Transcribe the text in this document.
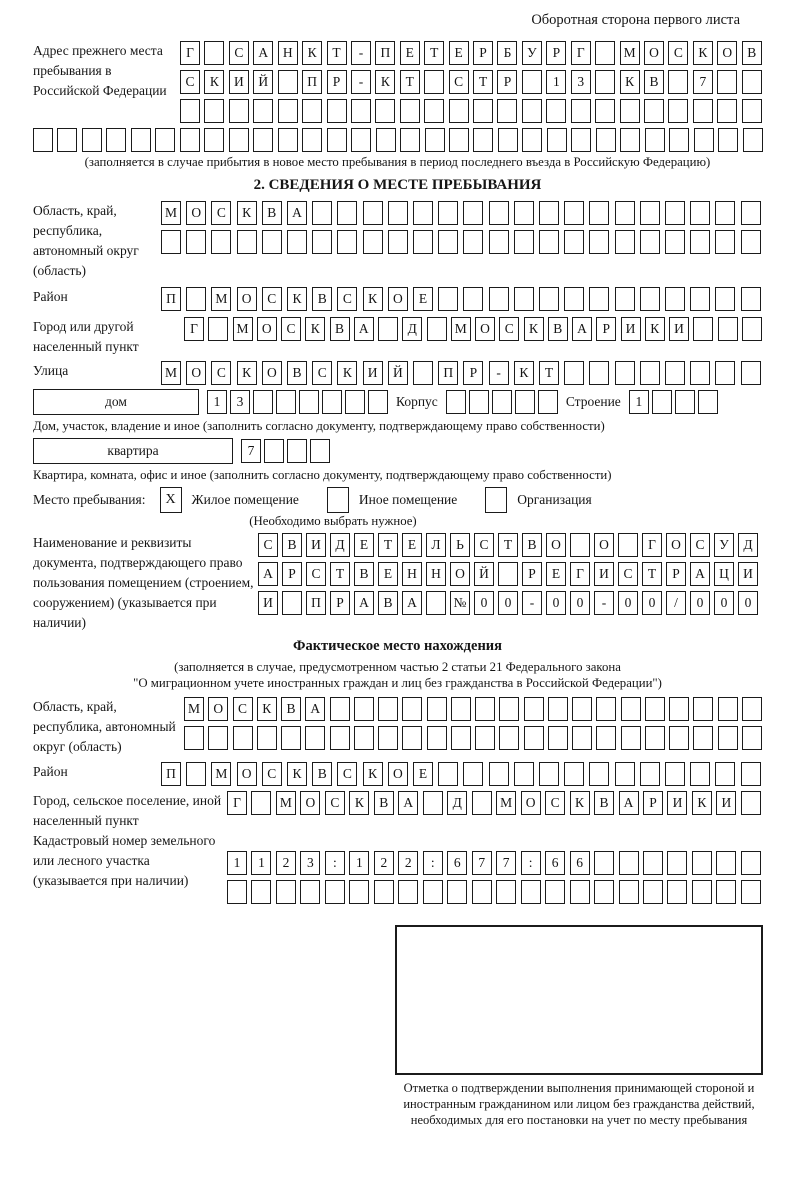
Оборотная сторона первого листа
Адрес прежнего места пребывания в Российской Федерации
Г	С	А	Н	К	Т	-	П	Е	Т	Е	Р	Б	У	Р	Г	М	О	С	К	О	В
С	К	И	Й	П	Р	-	К	Т	С	Т	Р	1	3	К	В	7
(заполняется в случае прибытия в новое место пребывания в период последнего въезда в Российскую Федерацию)
2. СВЕДЕНИЯ О МЕСТЕ ПРЕБЫВАНИЯ
Область, край, республика, автономный округ (область)
М	О	С	К	В	А
Район	П	М	О	С	К	В	С	К	О	Е
Город или другой населенный пункт
Г	М О	С	К	В	А	Д	М О	С	К	В	А	Р	И	К	И
Улица	М	О	С	К	О	В	С	К	И	Й	П	Р	-	К	Т
дом	1	3	Корпус	Строение	1
Дом, участок, владение и иное (заполнить согласно документу, подтверждающему право собственности)
квартира	7
Квартира, комната, офис и иное (заполнить согласно документу, подтверждающему право собственности)
Место пребывания:	X	Жилое помещение	Иное помещение	Организация
(Необходимо выбрать нужное)
Наименование и реквизиты документа, подтверждающего право пользования помещением (строением, сооружением) (указывается при наличии)
С	В	И	Д	Е	Т	Е	Л	Ь	С	Т	В	О	О	Г	О	С	У	Д
А	Р	С	Т	В	Е	Н	Н	О	Й	Р	Е	Г	И	С	Т	Р	А	Ц	И
И	П	Р	А	В	А	№	0	0	-	0	0	-	0	0	/	0	0	0
Фактическое место нахождения
(заполняется в случае, предусмотренном частью 2 статьи 21 Федерального закона
"О миграционном учете иностранных граждан и лиц без гражданства в Российской Федерации")
Область, край, республика, автономный округ (область)
М О	С	К	В	А
Район	П	М	О	С	К	В	С	К	О	Е
Город, сельское поселение, иной населенный пункт
Г	М	О	С	К	В	А	Д	М	О	С	К	В	А	Р	И	К	И
Кадастровый номер земельного или лесного участка (указывается при наличии)
1	1	2	3	:	1	2	2	:	6	7	7	:	6	6
Отметка о подтверждении выполнения принимающей стороной и иностранным гражданином или лицом без гражданства действий, необходимых для его постановки на учет по месту пребывания
